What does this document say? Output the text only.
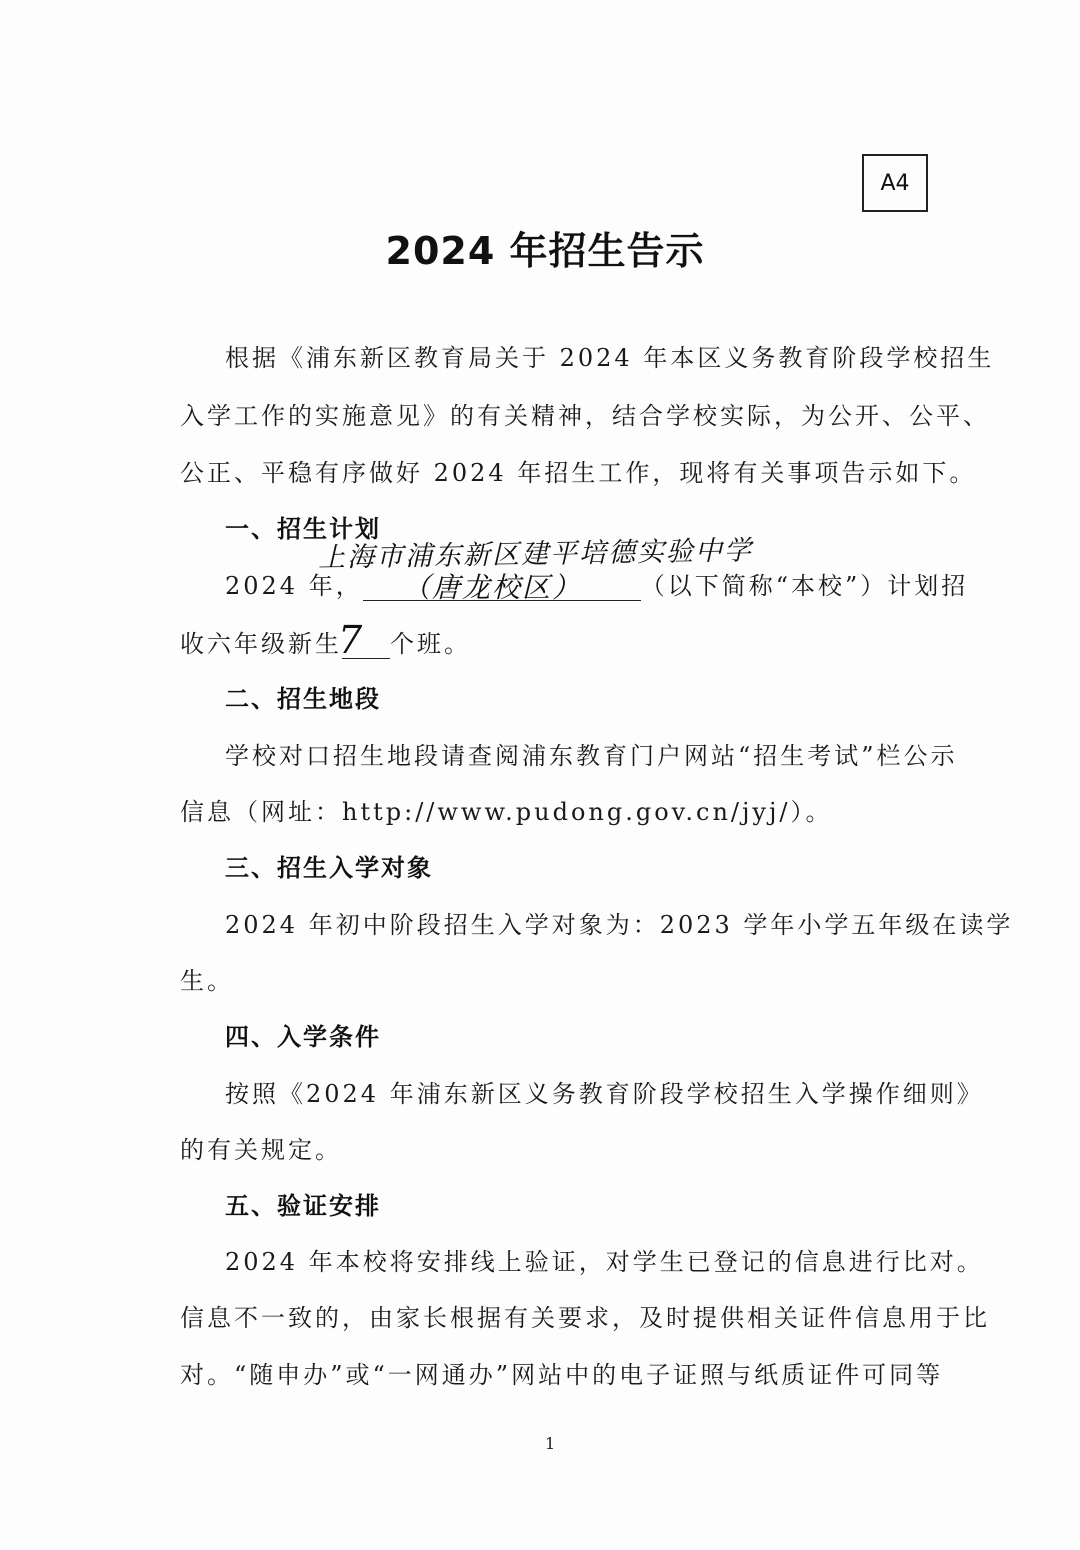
A4
2024 年招生告示
根据《浦东新区教育局关于 2024 年本区义务教育阶段学校招生
入学工作的实施意见》的有关精神，结合学校实际，为公开、公平、
公正、平稳有序做好 2024 年招生工作，现将有关事项告示如下。
一、招生计划
上海市浦东新区建平培德实验中学
2024 年，	（以下简称“本校”）计划招
（唐龙校区）
收六年级新生 个班。
7
二、招生地段
学校对口招生地段请查阅浦东教育门户网站“招生考试”栏公示
信息（网址：http://www.pudong.gov.cn/jyj/）。
三、招生入学对象
2024 年初中阶段招生入学对象为：2023 学年小学五年级在读学
生。
四、入学条件
按照《2024 年浦东新区义务教育阶段学校招生入学操作细则》
的有关规定。
五、验证安排
2024 年本校将安排线上验证，对学生已登记的信息进行比对。
信息不一致的，由家长根据有关要求，及时提供相关证件信息用于比
对。“随申办”或“一网通办”网站中的电子证照与纸质证件可同等
1
